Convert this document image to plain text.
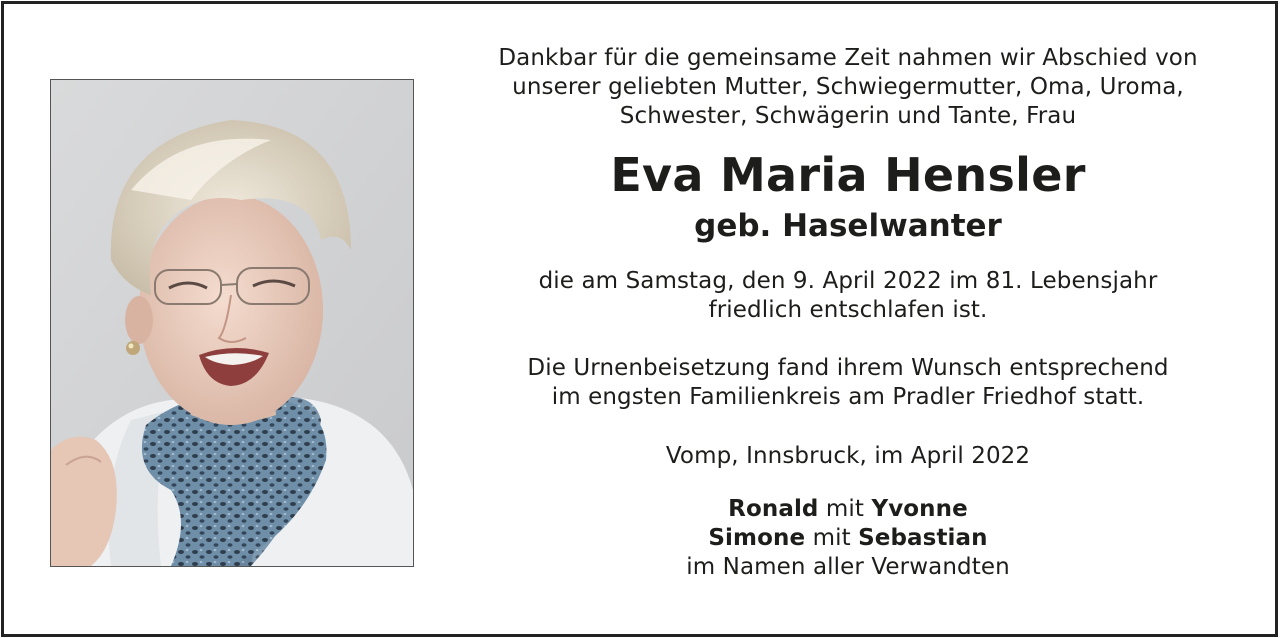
Dankbar für die gemeinsame Zeit nahmen wir Abschied von
unserer geliebten Mutter, Schwiegermutter, Oma, Uroma,
Schwester, Schwägerin und Tante, Frau
Eva Maria Hensler
geb. Haselwanter
die am Samstag, den 9. April 2022 im 81. Lebensjahr
friedlich entschlafen ist.
Die Urnenbeisetzung fand ihrem Wunsch entsprechend
im engsten Familienkreis am Pradler Friedhof statt.
Vomp, Innsbruck, im April 2022
Ronald mit Yvonne
Simone mit Sebastian
im Namen aller Verwandten
